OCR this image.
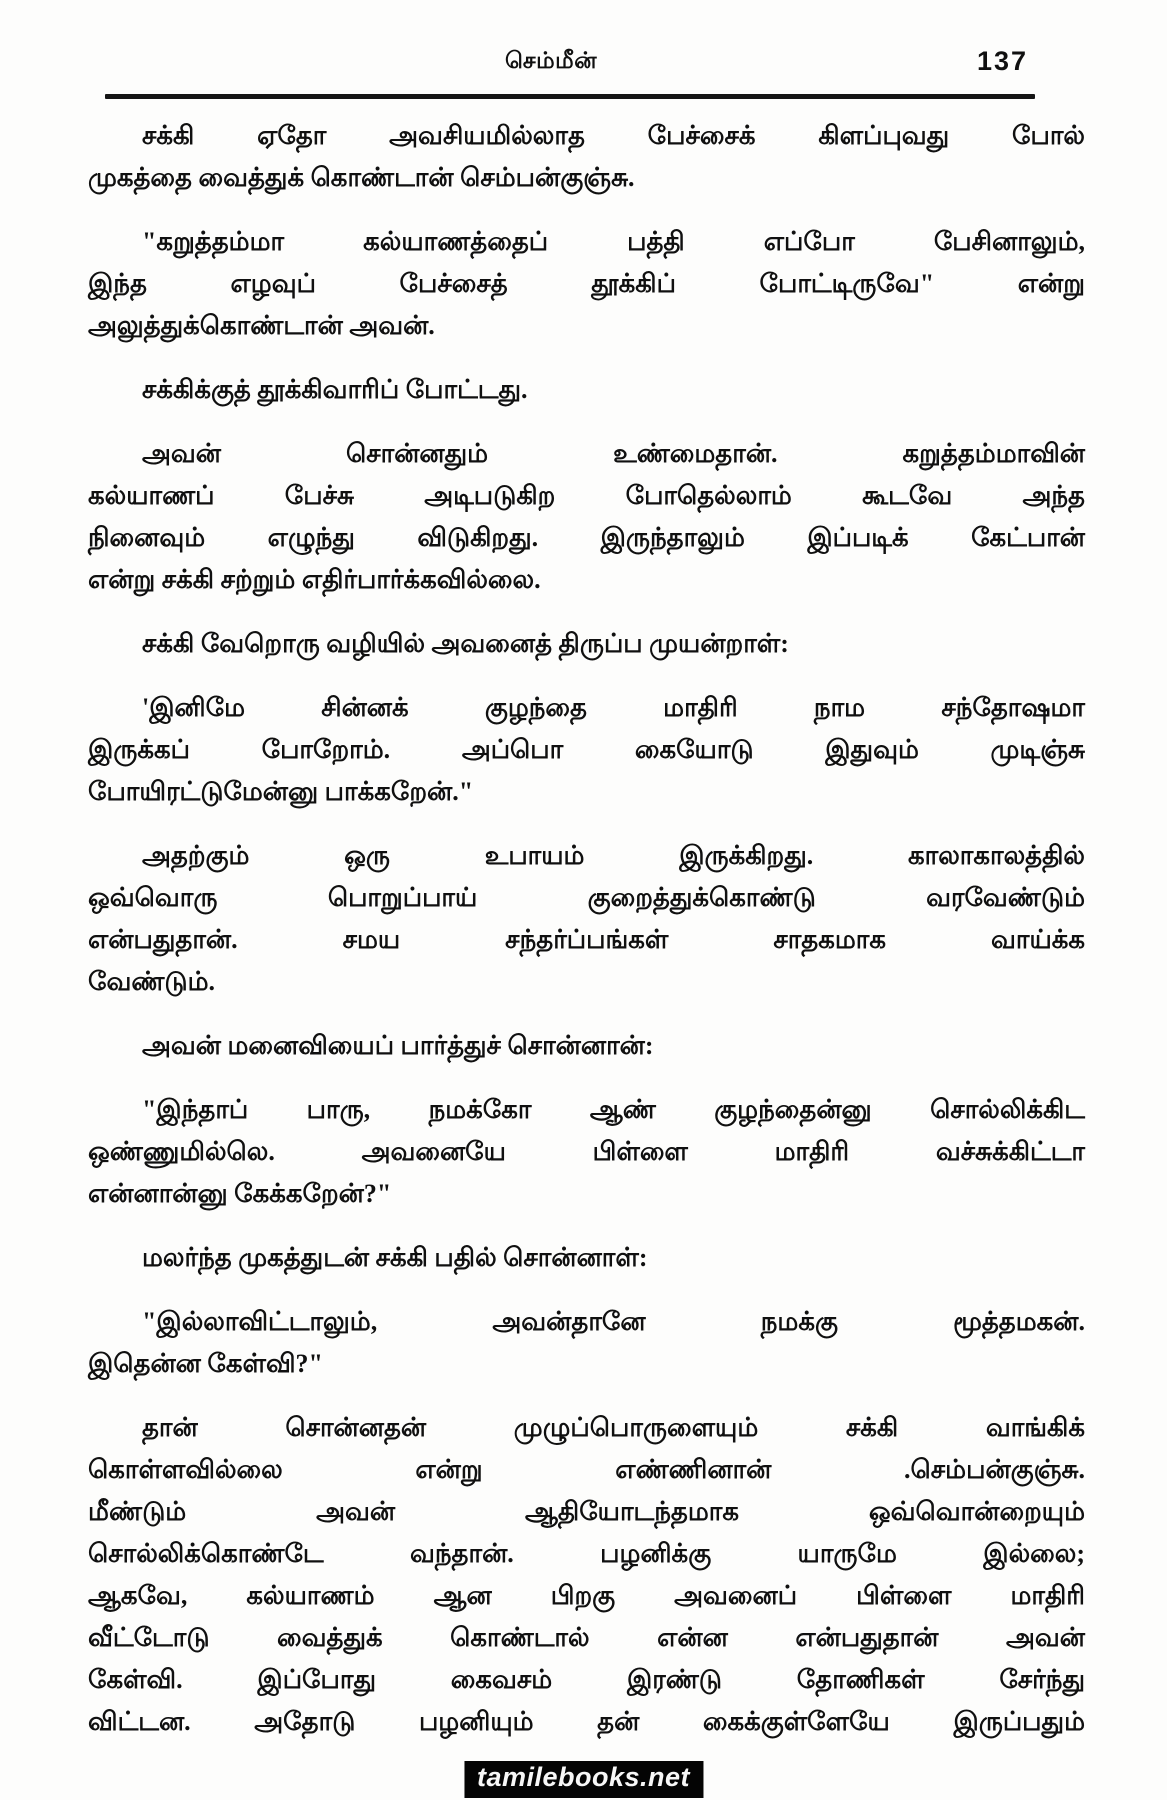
செம்மீன்	137
சக்கி ஏதோ அவசியமில்லாத பேச்சைக் கிளப்புவது போல்
முகத்தை வைத்துக் கொண்டான் செம்பன்குஞ்சு.
"கறுத்தம்மா கல்யாணத்தைப் பத்தி எப்போ பேசினாலும்,
இந்த எழவுப் பேச்சைத் தூக்கிப் போட்டிருவே" என்று
அலுத்துக்கொண்டான் அவன்.
சக்கிக்குத் தூக்கிவாரிப் போட்டது.
அவன் சொன்னதும் உண்மைதான். கறுத்தம்மாவின்
கல்யாணப் பேச்சு அடிபடுகிற போதெல்லாம் கூடவே அந்த
நினைவும் எழுந்து விடுகிறது. இருந்தாலும் இப்படிக் கேட்பான்
என்று சக்கி சற்றும் எதிர்பார்க்கவில்லை.
சக்கி வேறொரு வழியில் அவனைத் திருப்ப முயன்றாள்:
'இனிமே சின்னக் குழந்தை மாதிரி நாம சந்தோஷமா
இருக்கப் போறோம். அப்பொ கையோடு இதுவும் முடிஞ்சு
போயிரட்டுமேன்னு பாக்கறேன்."
அதற்கும் ஒரு உபாயம் இருக்கிறது. காலாகாலத்தில்
ஒவ்வொரு பொறுப்பாய் குறைத்துக்கொண்டு வரவேண்டும்
என்பதுதான். சமய சந்தர்ப்பங்கள் சாதகமாக வாய்க்க
வேண்டும்.
அவன் மனைவியைப் பார்த்துச் சொன்னான்:
"இந்தாப் பாரு, நமக்கோ ஆண் குழந்தைன்னு சொல்லிக்கிட
ஒண்ணுமில்லெ. அவனையே பிள்ளை மாதிரி வச்சுக்கிட்டா
என்னான்னு கேக்கறேன்?"
மலர்ந்த முகத்துடன் சக்கி பதில் சொன்னாள்:
"இல்லாவிட்டாலும், அவன்தானே நமக்கு மூத்தமகன்.
இதென்ன கேள்வி?"
தான் சொன்னதன் முழுப்பொருளையும் சக்கி வாங்கிக்
கொள்ளவில்லை என்று எண்ணினான் .செம்பன்குஞ்சு.
மீண்டும் அவன் ஆதியோடந்தமாக ஒவ்வொன்றையும்
சொல்லிக்கொண்டே வந்தான். பழனிக்கு யாருமே இல்லை;
ஆகவே, கல்யாணம் ஆன பிறகு அவனைப் பிள்ளை மாதிரி
வீட்டோடு வைத்துக் கொண்டால் என்ன என்பதுதான் அவன்
கேள்வி. இப்போது கைவசம் இரண்டு தோணிகள் சேர்ந்து
விட்டன. அதோடு பழனியும் தன் கைக்குள்ளேயே இருப்பதும்
tamilebooks.net
